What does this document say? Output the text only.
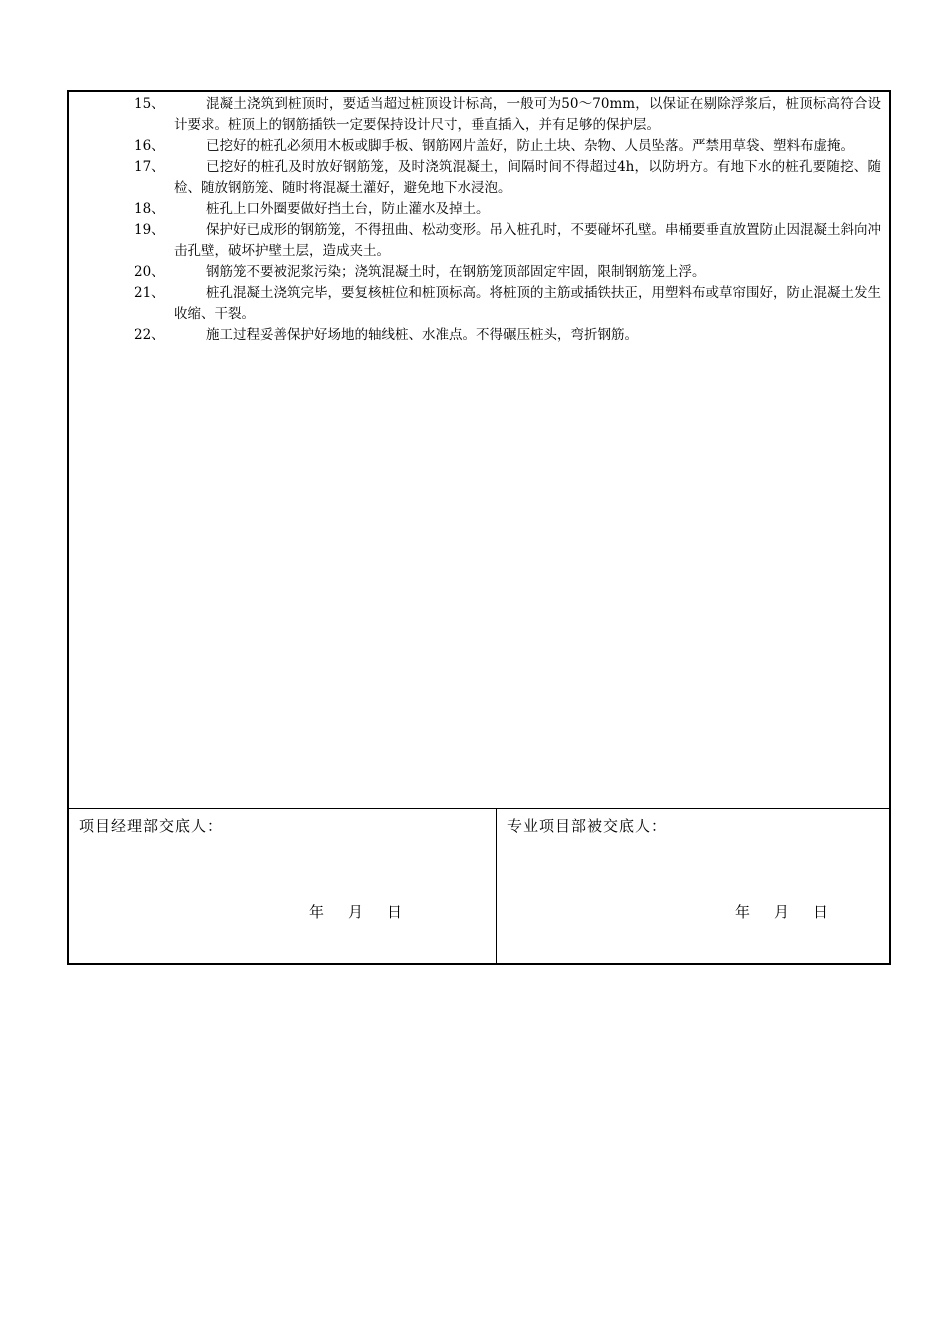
15、	混凝土浇筑到桩顶时，要适当超过桩顶设计标高，一般可为50～70mm，以保证在剔除浮浆后，桩顶标高符合设计要求。桩顶上的钢筋插铁一定要保持设计尺寸，垂直插入，并有足够的保护层。
16、	已挖好的桩孔必须用木板或脚手板、钢筋网片盖好，防止土块、杂物、人员坠落。严禁用草袋、塑料布虚掩。
17、	已挖好的桩孔及时放好钢筋笼，及时浇筑混凝土，间隔时间不得超过4h，以防坍方。有地下水的桩孔要随挖、随检、随放钢筋笼、随时将混凝土灌好，避免地下水浸泡。
18、	桩孔上口外圈要做好挡土台，防止灌水及掉土。
19、	保护好已成形的钢筋笼，不得扭曲、松动变形。吊入桩孔时，不要碰坏孔壁。串桶要垂直放置防止因混凝土斜向冲击孔壁，破坏护壁土层，造成夹土。
20、	钢筋笼不要被泥浆污染；浇筑混凝土时，在钢筋笼顶部固定牢固，限制钢筋笼上浮。
21、	桩孔混凝土浇筑完毕，要复核桩位和桩顶标高。将桩顶的主筋或插铁扶正，用塑料布或草帘围好，防止混凝土发生收缩、干裂。
22、	施工过程妥善保护好场地的轴线桩、水准点。不得碾压桩头，弯折钢筋。
项目经理部交底人：
年 月 日
专业项目部被交底人：
年 月 日
